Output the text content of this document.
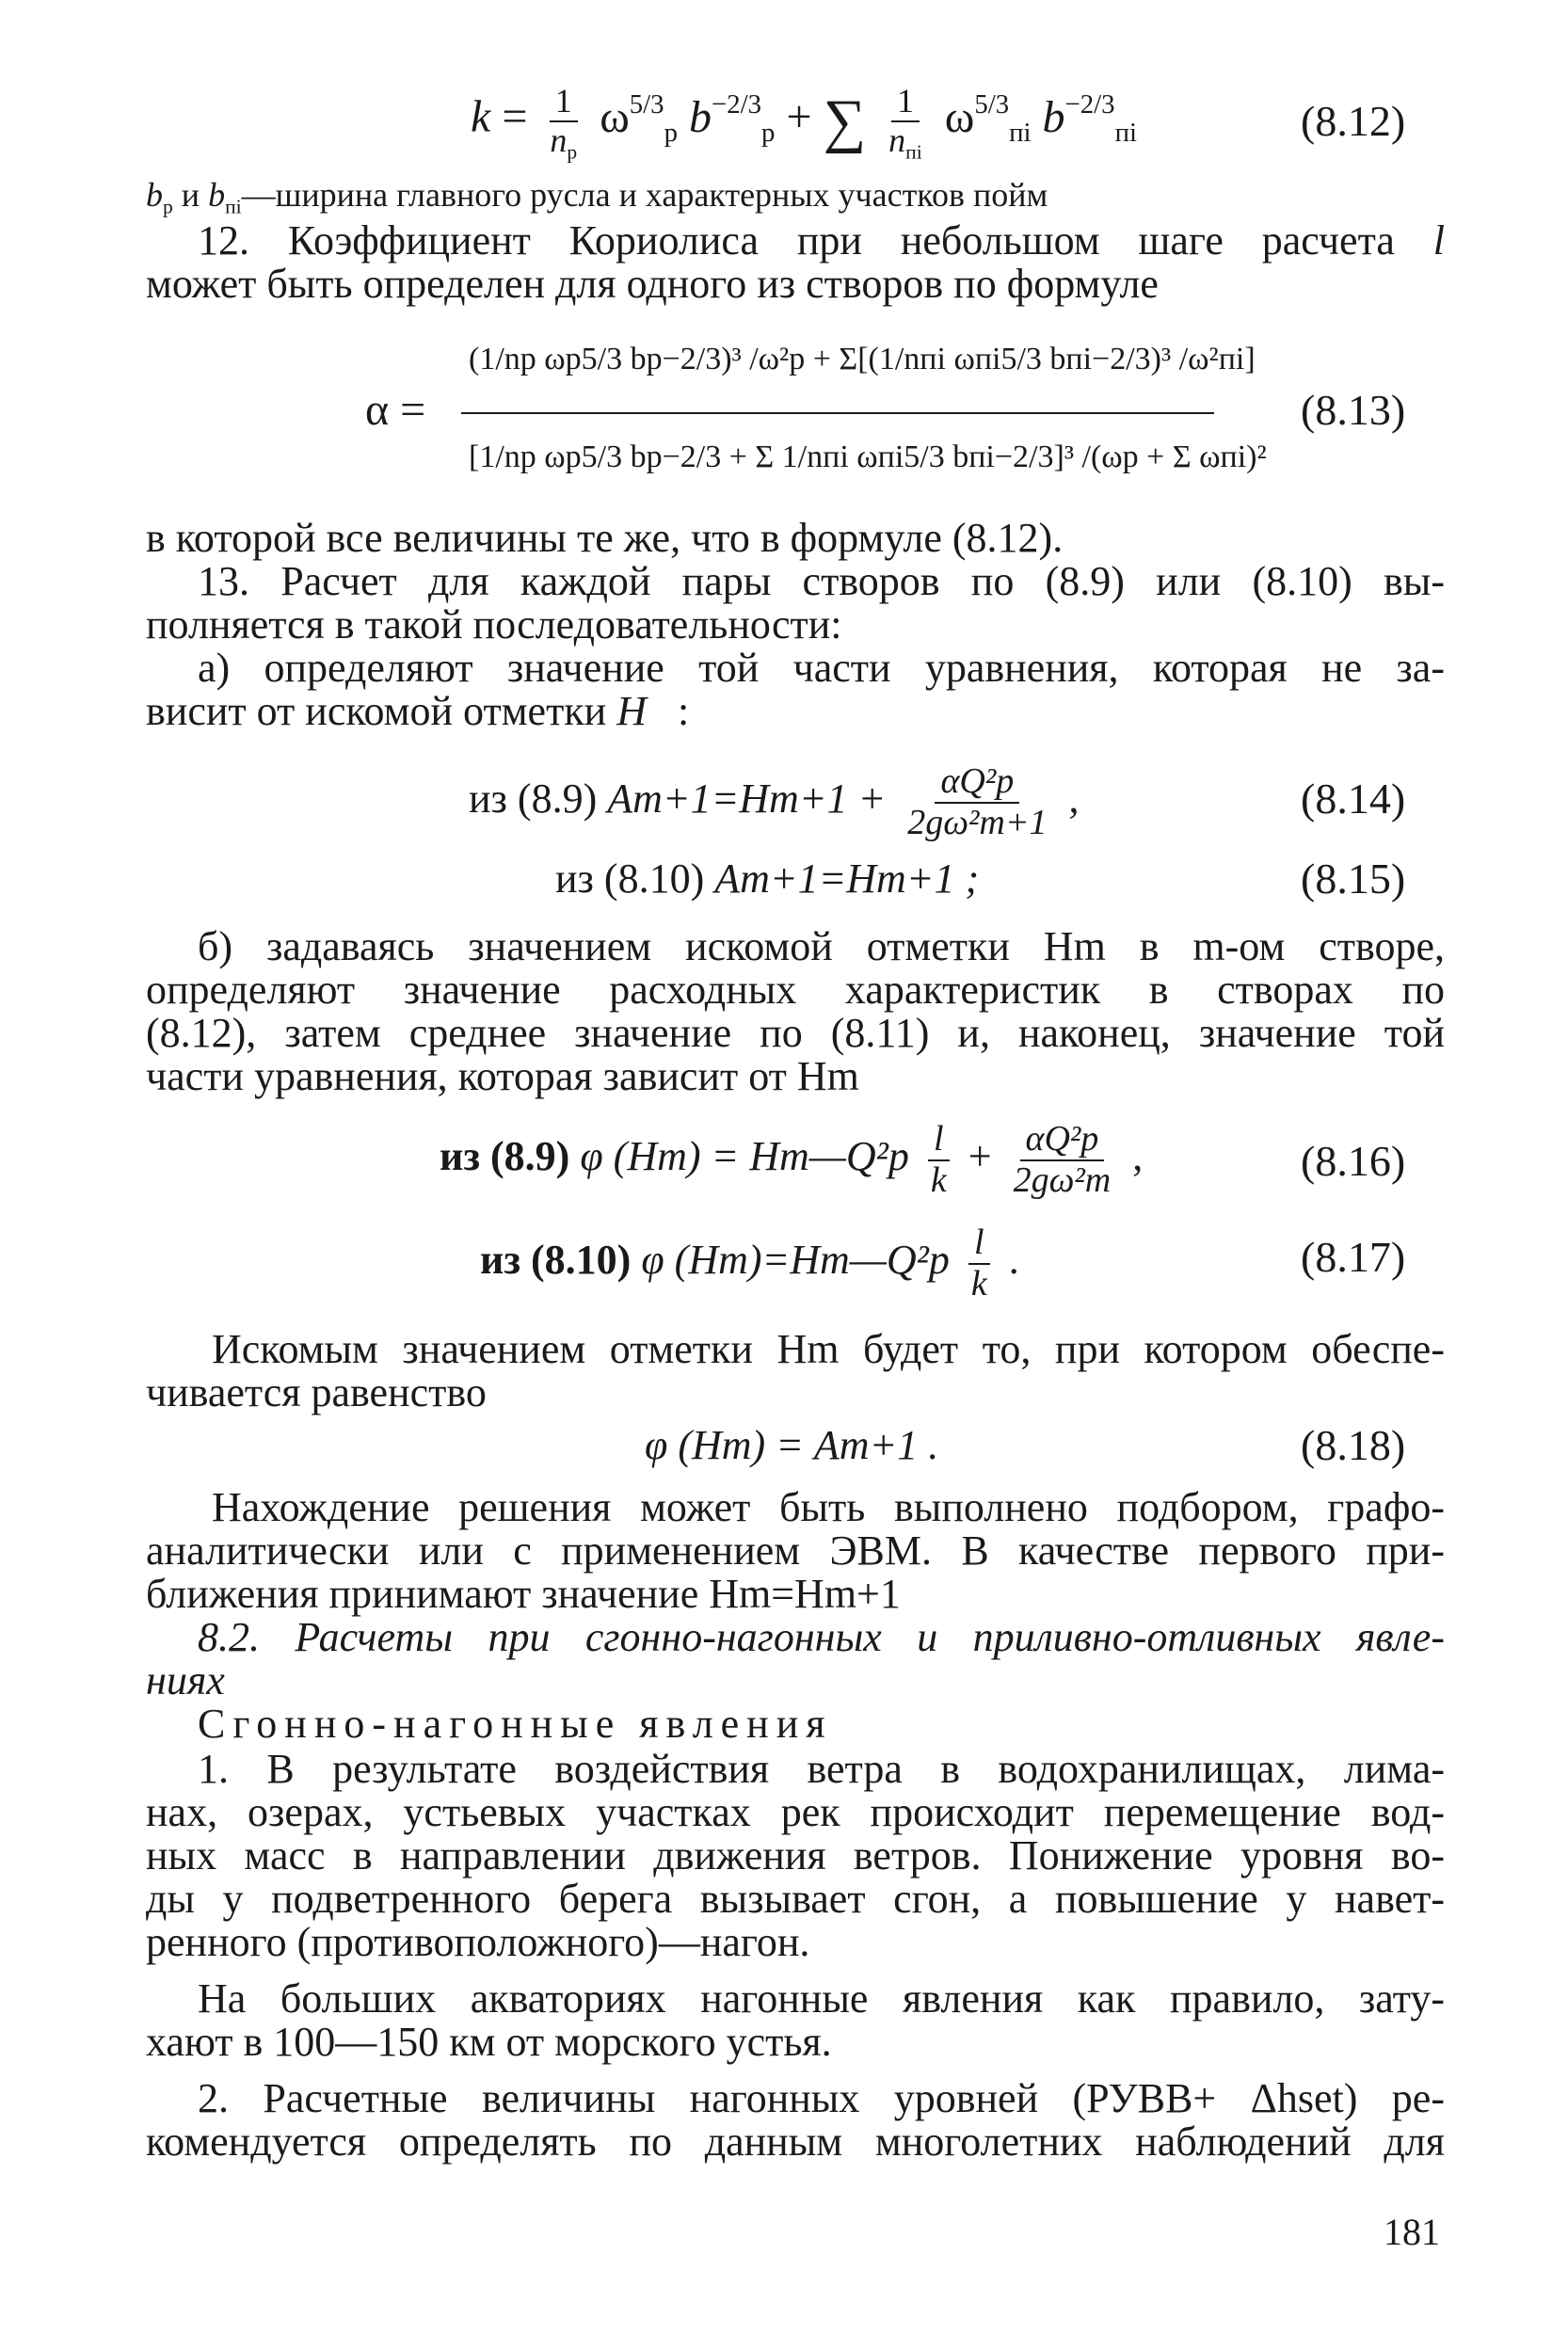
$k = \frac{1}{n_р} \omega^{5/3}_р$ $b^{-2/3}_р$ + ∑ $\frac{1}{n_{пi}} \omega^{5/3}_{пi}$ $b^{-2/3}_{пi}$	(8.12)
$b_р$ и $b_{пi}—ширина$ главного русла и характерных участков пойм
12. Коэффициент Кориолиса при небольшом шаге расчета l
может быть определен для одного из створов по формуле
α =
(1/nр ωр5/3 bр−2/3)³ /ω²р + Σ[(1/nпi ωпi5/3 bпi−2/3)³ /ω²пi]
[1/nр ωр5/3 bр−2/3 + Σ 1/nпi ωпi5/3 bпi−2/3]³ /(ωр + Σ ωпi)²
(8.13)
в которой все величины те же, что в формуле (8.12).
13. Расчет для каждой пары створов по (8.9) или (8.10) вы-
полняется в такой последовательности:
а) определяют значение той части уравнения, которая не за-
висит от искомой отметки H :
из (8.9) $Am+1=Hm+1 + \frac{\text{αQ²р}}{\text{2gω²m+1}}$ ,	(8.14)
из (8.10) Am+1=Hm+1 ;	(8.15)
б) задаваясь значением искомой отметки Hm в m-ом створе,
определяют значение расходных характеристик в створах по
(8.12), затем среднее значение по (8.11) и, наконец, значение той
части уравнения, которая зависит от Hm
из (8.9) φ (Hm) = Hm—Q²р $\frac{l}{k} + \frac{\text{αQ²р}}{\text{2gω²m}}$ ,	(8.16)
из (8.10) φ (Hm)=Hm—Q²р $\frac{l}{k}$ .	(8.17)
Искомым значением отметки Hm будет то, при котором обеспе-
чивается равенство
φ (Hm) = Am+1 .	(8.18)
Нахождение решения может быть выполнено подбором, графо-
аналитически или с применением ЭВМ. В качестве первого при-
ближения принимают значение Hm=Hm+1
8.2. Расчеты при сгонно-нагонных и приливно-отливных явле-
ниях
Сгонно-нагонные явления
1. В результате воздействия ветра в водохранилищах, лима-
нах, озерах, устьевых участках рек происходит перемещение вод-
ных масс в направлении движения ветров. Понижение уровня во-
ды у подветренного берега вызывает сгон, а повышение у навет-
ренного (противоположного)—нагон.
На больших акваториях нагонные явления как правило, зату-
хают в 100—150 км от морского устья.
2. Расчетные величины нагонных уровней (РУВВ+ Δhset) ре-
комендуется определять по данным многолетних наблюдений для
181
